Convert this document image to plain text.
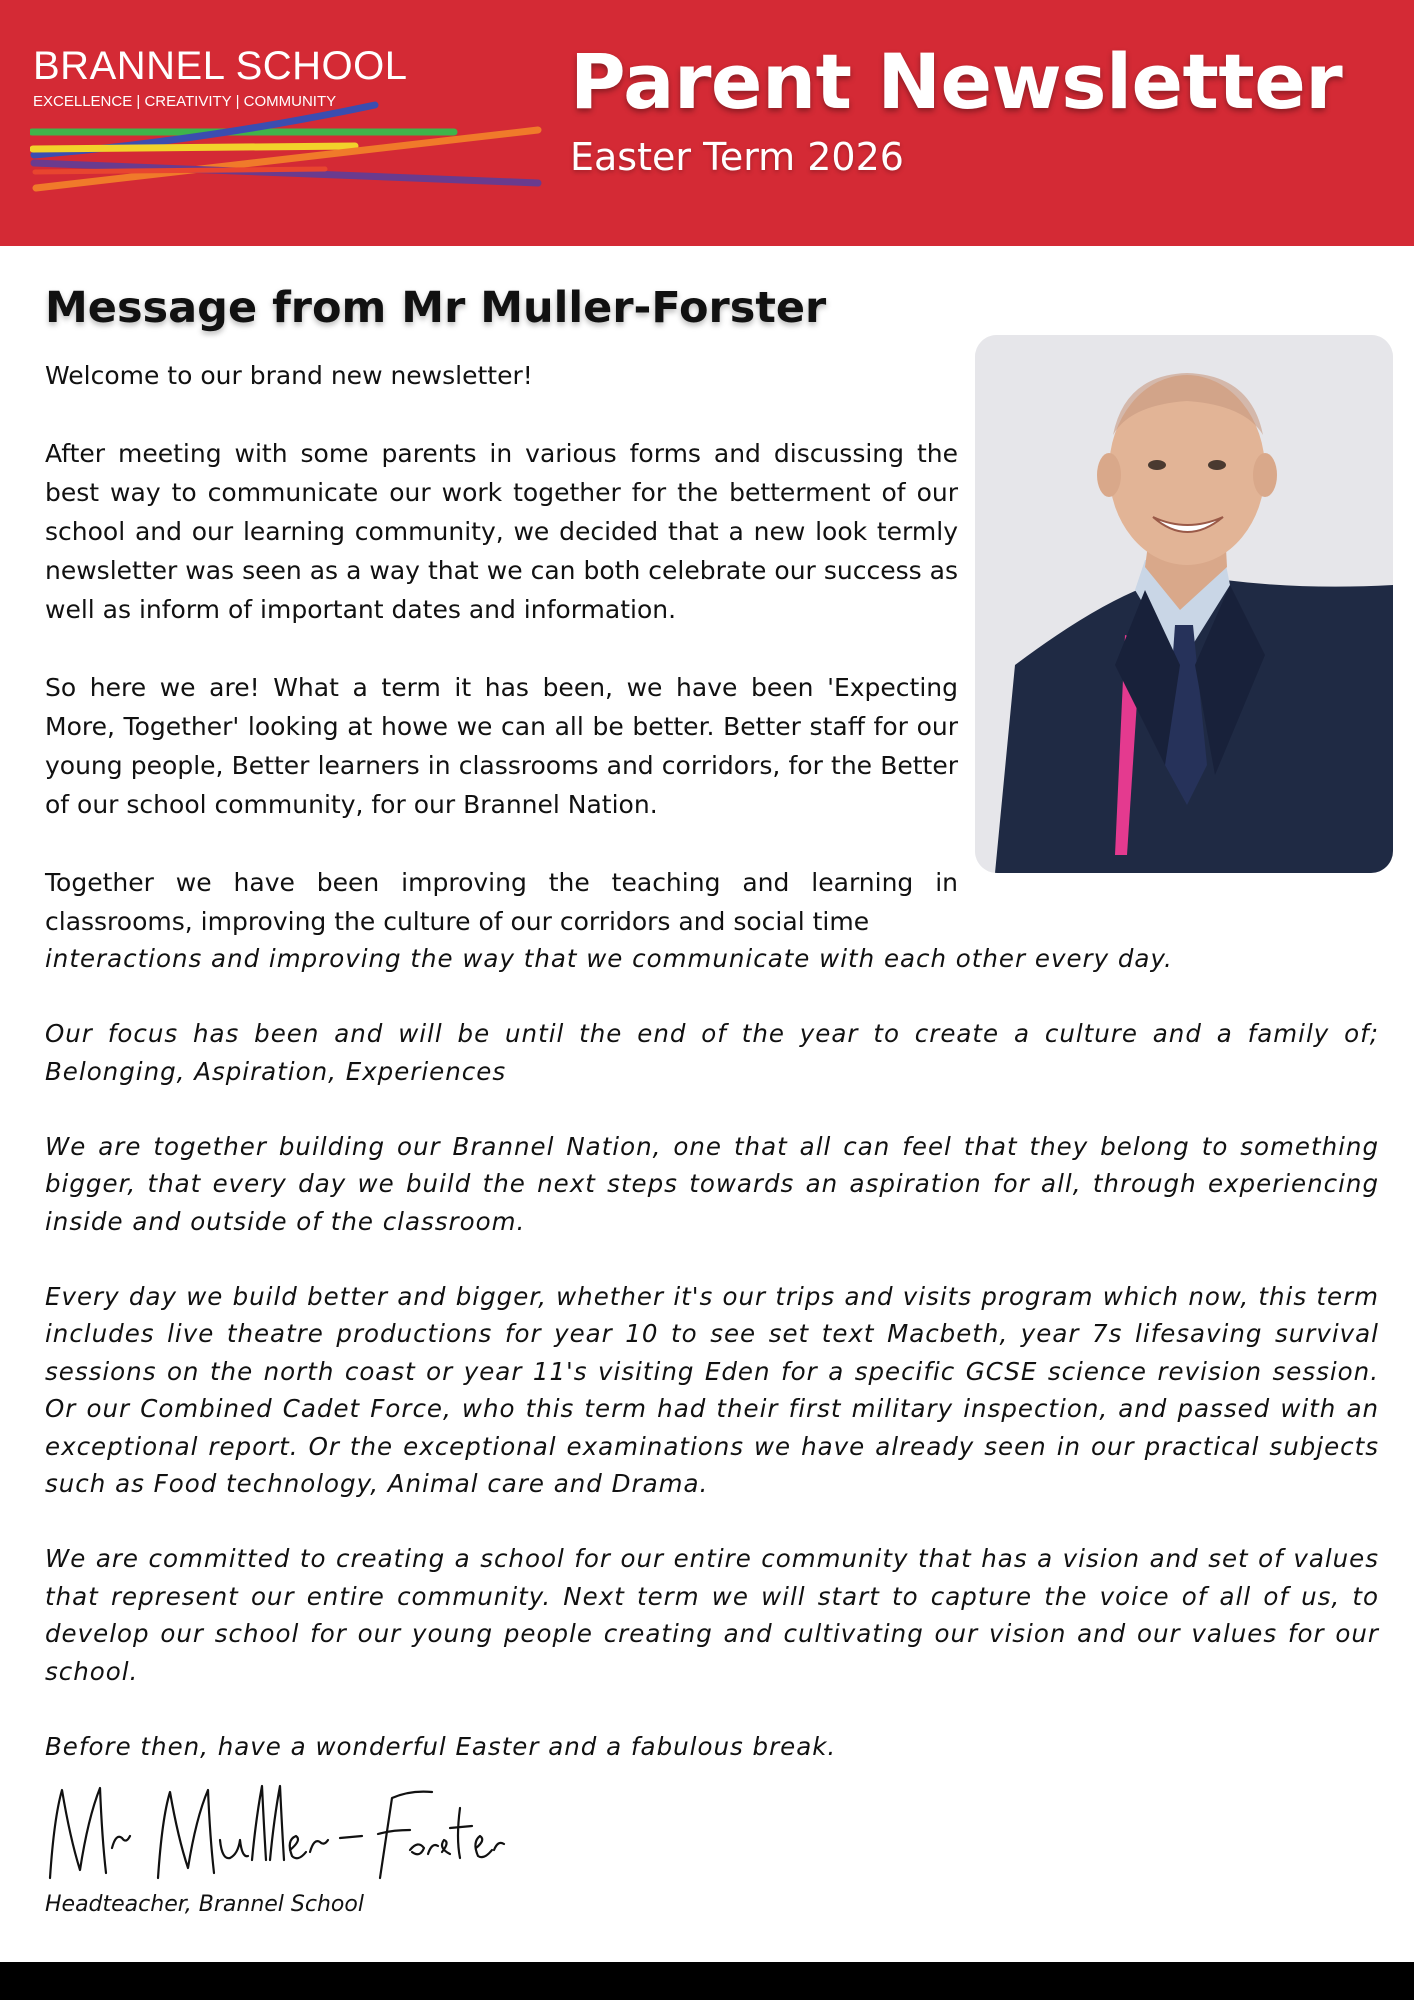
BRANNEL SCHOOL
EXCELLENCE | CREATIVITY | COMMUNITY	Parent Newsletter
Easter Term 2026
Message from Mr Muller-Forster

Welcome to our brand new newsletter!

After meeting with some parents in various forms and discussing the best way to communicate our work together for the betterment of our school and our learning community, we decided that a new look termly newsletter was seen as a way that we can both celebrate our success as well as inform of important dates and information.

So here we are! What a term it has been, we have been 'Expecting More, Together' looking at howe we can all be better. Better staff for our young people, Better learners in classrooms and corridors, for the Better of our school community, for our Brannel Nation.

Together we have been improving the teaching and learning in classrooms, improving the culture of our corridors and social time

interactions and improving the way that we communicate with each other every day.

Our focus has been and will be until the end of the year to create a culture and a family of; Belonging, Aspiration, Experiences

We are together building our Brannel Nation, one that all can feel that they belong to something bigger, that every day we build the next steps towards an aspiration for all, through experiencing inside and outside of the classroom.

Every day we build better and bigger, whether it's our trips and visits program which now, this term includes live theatre productions for year 10 to see set text Macbeth, year 7s lifesaving survival sessions on the north coast or year 11's visiting Eden for a specific GCSE science revision session. Or our Combined Cadet Force, who this term had their first military inspection, and passed with an exceptional report. Or the exceptional examinations we have already seen in our practical subjects such as Food technology, Animal care and Drama.

We are committed to creating a school for our entire community that has a vision and set of values that represent our entire community. Next term we will start to capture the voice of all of us, to develop our school for our young people creating and cultivating our vision and our values for our school.

Before then, have a wonderful Easter and a fabulous break.

Headteacher, Brannel School
